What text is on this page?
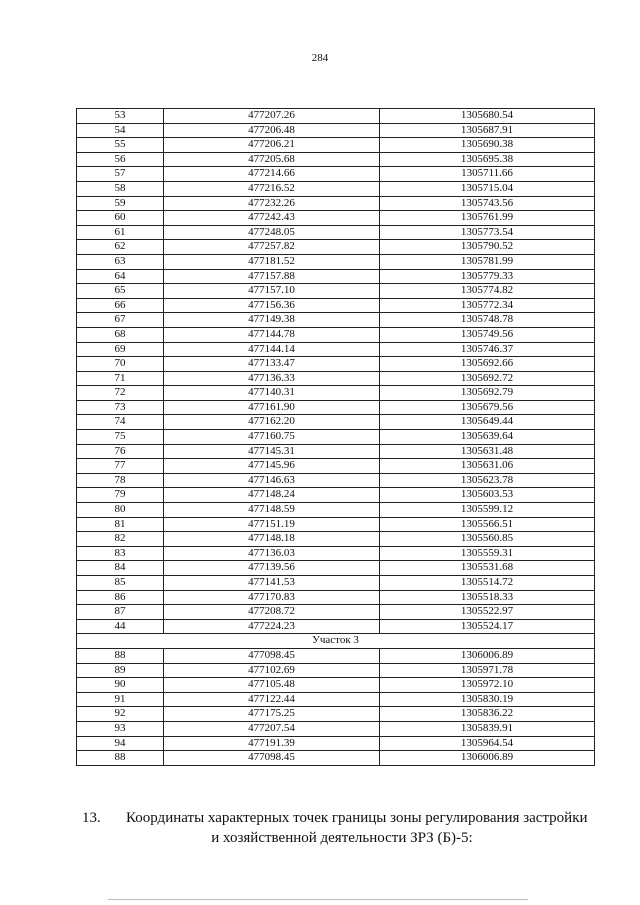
284
53	477207.26	1305680.54
54	477206.48	1305687.91
55	477206.21	1305690.38
56	477205.68	1305695.38
57	477214.66	1305711.66
58	477216.52	1305715.04
59	477232.26	1305743.56
60	477242.43	1305761.99
61	477248.05	1305773.54
62	477257.82	1305790.52
63	477181.52	1305781.99
64	477157.88	1305779.33
65	477157.10	1305774.82
66	477156.36	1305772.34
67	477149.38	1305748.78
68	477144.78	1305749.56
69	477144.14	1305746.37
70	477133.47	1305692.66
71	477136.33	1305692.72
72	477140.31	1305692.79
73	477161.90	1305679.56
74	477162.20	1305649.44
75	477160.75	1305639.64
76	477145.31	1305631.48
77	477145.96	1305631.06
78	477146.63	1305623.78
79	477148.24	1305603.53
80	477148.59	1305599.12
81	477151.19	1305566.51
82	477148.18	1305560.85
83	477136.03	1305559.31
84	477139.56	1305531.68
85	477141.53	1305514.72
86	477170.83	1305518.33
87	477208.72	1305522.97
44	477224.23	1305524.17
Участок 3		
88	477098.45	1306006.89
89	477102.69	1305971.78
90	477105.48	1305972.10
91	477122.44	1305830.19
92	477175.25	1305836.22
93	477207.54	1305839.91
94	477191.39	1305964.54
88	477098.45	1306006.89
13. Координаты характерных точек границы зоны регулирования застройки
и хозяйственной деятельности ЗРЗ (Б)-5:
